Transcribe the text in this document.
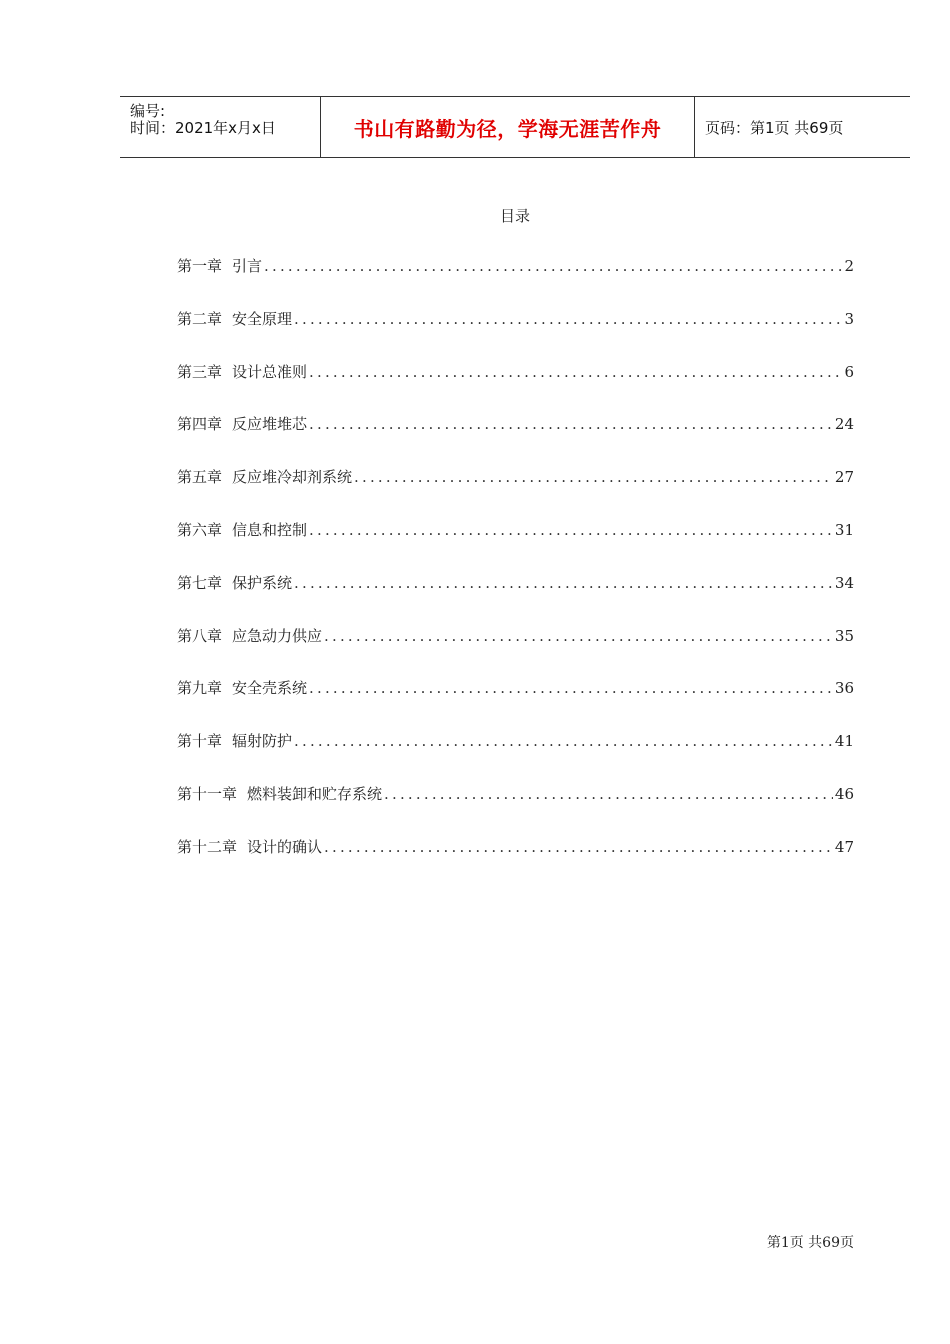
编号:
时间：2021年x月x日	书山有路勤为径，学海无涯苦作舟	页码：第1页 共69页
目录
第一章 引言 .....	2
第二章 安全原理 .....	3
第三章 设计总准则 .....	6
第四章 反应堆堆芯 .....	24
第五章 反应堆冷却剂系统 .....	27
第六章 信息和控制 .....	31
第七章 保护系统 .....	34
第八章 应急动力供应 .....	35
第九章 安全壳系统 .....	36
第十章 辐射防护 .....	41
第十一章 燃料装卸和贮存系统 .....	46
第十二章 设计的确认 .....	47
第1页 共69页
